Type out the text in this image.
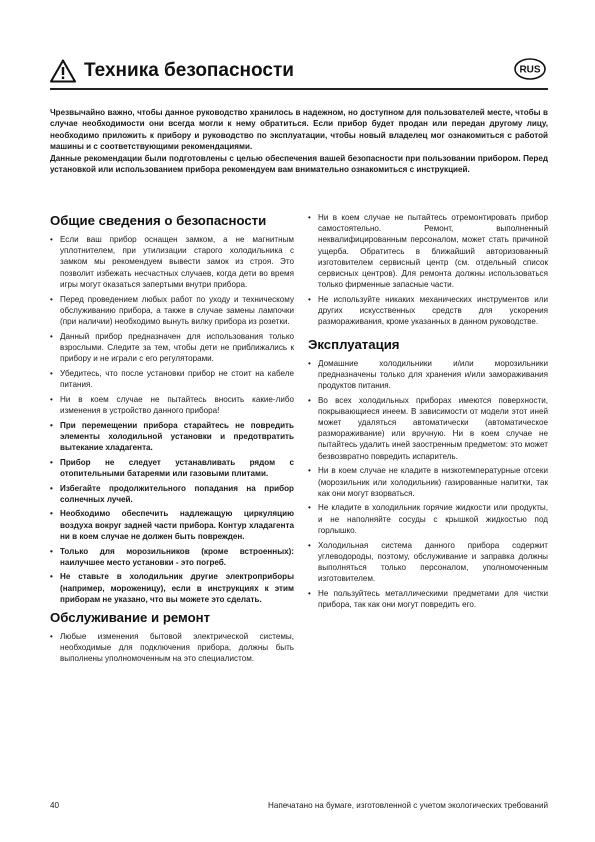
Техника безопасности	RUS

Чрезвычайно важно, чтобы данное руководство хранилось в надежном, но доступном для пользователей месте, чтобы в случае необходимости они всегда могли к нему обратиться. Если прибор будет продан или передан другому лицу, необходимо приложить к прибору и руководство по эксплуатации, чтобы новый владелец мог ознакомиться с работой машины и с соответствующими рекомендациями.

Данные рекомендации были подготовлены с целью обеспечения вашей безопасности при пользовании прибором. Перед установкой или использованием прибора рекомендуем вам внимательно ознакомиться с инструкцией.

Общие сведения о безопасности
• Если ваш прибор оснащен замком, а не магнитным уплотнителем, при утилизации старого холодильника с замком мы рекомендуем вывести замок из строя. Это позволит избежать несчастных случаев, когда дети во время игры могут оказаться запертыми внутри прибора.
• Перед проведением любых работ по уходу и техническому обслуживанию прибора, а также в случае замены лампочки (при наличии) необходимо вынуть вилку прибора из розетки.
• Данный прибор предназначен для использования только взрослыми. Следите за тем, чтобы дети не приближались к прибору и не играли с его регуляторами.
• Убедитесь, что после установки прибор не стоит на кабеле питания.
• Ни в коем случае не пытайтесь вносить какие-либо изменения в устройство данного прибора!
• При перемещении прибора старайтесь не повредить элементы холодильной установки и предотвратить вытекание хладагента.
• Прибор не следует устанавливать рядом с отопительными батареями или газовыми плитами.
• Избегайте продолжительного попадания на прибор солнечных лучей.
• Необходимо обеспечить надлежащую циркуляцию воздуха вокруг задней части прибора. Контур хладагента ни в коем случае не должен быть поврежден.
• Только для морозильников (кроме встроенных): наилучшее место установки - это погреб.
• Не ставьте в холодильник другие электроприборы (например, мороженицу), если в инструкциях к этим приборам не указано, что вы можете это сделать.
Обслуживание и ремонт
• Любые изменения бытовой электрической системы, необходимые для подключения прибора, должны быть выполнены уполномоченным на это специалистом.
• Ни в коем случае не пытайтесь отремонтировать прибор самостоятельно. Ремонт, выполненный неквалифицированным персоналом, может стать причиной ущерба. Обратитесь в ближайший авторизованный изготовителем сервисный центр (см. отдельный список сервисных центров). Для ремонта должны использоваться только фирменные запасные части.
• Не используйте никаких механических инструментов или других искусственных средств для ускорения размораживания, кроме указанных в данном руководстве.
Эксплуатация
• Домашние холодильники и/или морозильники предназначены только для хранения и/или замораживания продуктов питания.
• Во всех холодильных приборах имеются поверхности, покрывающиеся инеем. В зависимости от модели этот иней может удаляться автоматически (автоматическое размораживание) или вручную. Ни в коем случае не пытайтесь удалить иней заостренным предметом: это может безвозвратно повредить испаритель.
• Ни в коем случае не кладите в низкотемпературные отсеки (морозильник или холодильник) газированные напитки, так как они могут взорваться.
• Не кладите в холодильник горячие жидкости или продукты, и не наполняйте сосуды с крышкой жидкостью под горлышко.
• Холодильная система данного прибора содержит углеводороды, поэтому, обслуживание и заправка должны выполняться только персоналом, уполномоченным изготовителем.
• Не пользуйтесь металлическими предметами для чистки прибора, так как они могут повредить его.
40	Напечатано на бумаге, изготовленной с учетом экологических требований
